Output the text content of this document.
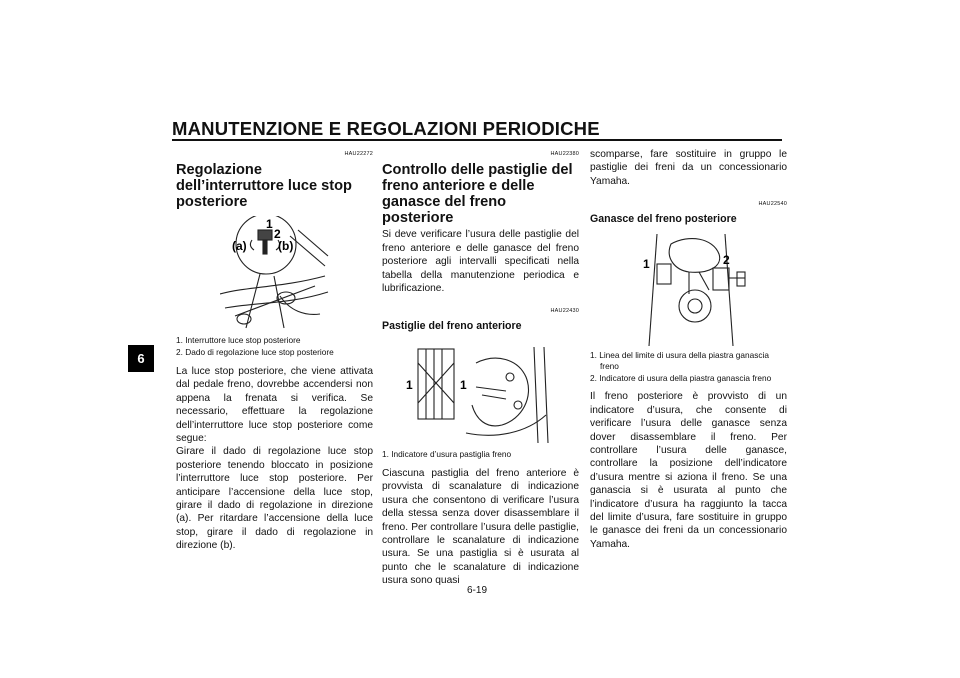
MANUTENZIONE E REGOLAZIONI PERIODICHE
6
HAU22272
Regolazione dell’interruttore luce stop posteriore
1
2
(a)	(b)
1. Interruttore luce stop posteriore
2. Dado di regolazione luce stop posteriore

La luce stop posteriore, che viene attivata dal pedale freno, dovrebbe accendersi non appena la frenata si verifica. Se necessario, effettuare la regolazione dell’interruttore luce stop posteriore come segue:

Girare il dado di regolazione luce stop posteriore tenendo bloccato in posizione l’interruttore luce stop posteriore. Per anticipare l’accensione della luce stop, girare il dado di regolazione in direzione (a). Per ritardare l’accensione della luce stop, girare il dado di regolazione in direzione (b).

HAU22380
Controllo delle pastiglie del freno anteriore e delle ganasce del freno posteriore

Si deve verificare l’usura delle pastiglie del freno anteriore e delle ganasce del freno posteriore agli intervalli specificati nella tabella della manutenzione periodica e lubrificazione.

HAU22430
Pastiglie del freno anteriore
1	1
1. Indicatore d’usura pastiglia freno

Ciascuna pastiglia del freno anteriore è provvista di scanalature di indicazione usura che consentono di verificare l’usura della stessa senza dover disassemblare il freno. Per controllare l’usura delle pastiglie, controllare le scanalature di indicazione usura. Se una pastiglia si è usurata al punto che le scanalature di indicazione usura sono quasi

scomparse, fare sostituire in gruppo le pastiglie dei freni da un concessionario Yamaha.

HAU22540
Ganasce del freno posteriore
1	2
1. Linea del limite di usura della piastra ganascia freno
2. Indicatore di usura della piastra ganascia freno

Il freno posteriore è provvisto di un indicatore d’usura, che consente di verificare l’usura delle ganasce senza dover disassemblare il freno. Per controllare l’usura delle ganasce, controllare la posizione dell’indicatore d’usura mentre si aziona il freno. Se una ganascia si è usurata al punto che l’indicatore d’usura ha raggiunto la tacca del limite d’usura, fare sostituire in gruppo le ganasce dei freni da un concessionario Yamaha.

6-19
